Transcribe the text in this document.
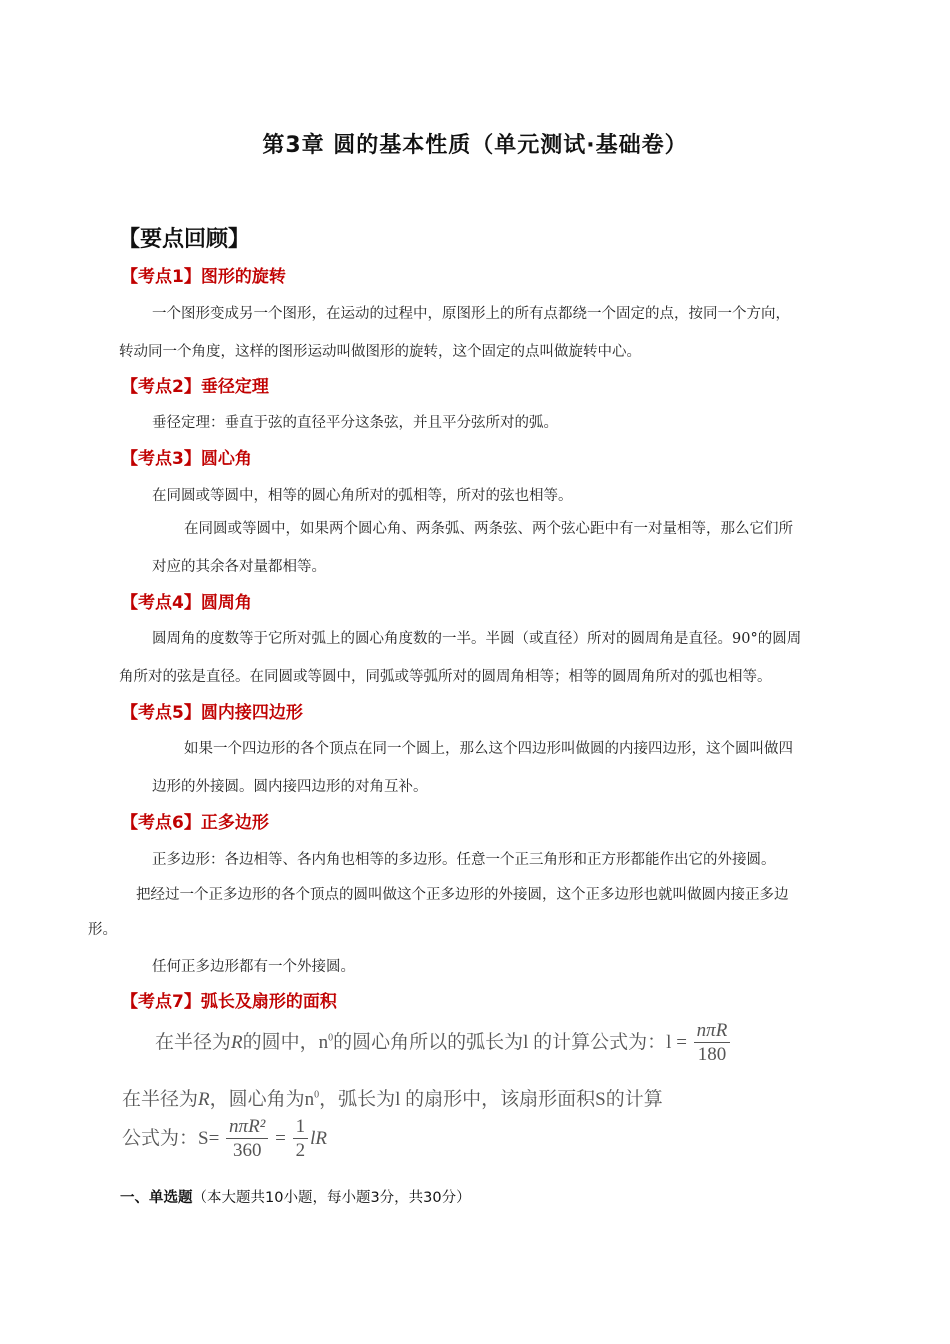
第3章 圆的基本性质（单元测试·基础卷）
【要点回顾】
【考点1】图形的旋转
一个图形变成另一个图形，在运动的过程中，原图形上的所有点都绕一个固定的点，按同一个方向，
转动同一个角度，这样的图形运动叫做图形的旋转，这个固定的点叫做旋转中心。
【考点2】垂径定理
垂径定理：垂直于弦的直径平分这条弦，并且平分弦所对的弧。
【考点3】圆心角
在同圆或等圆中，相等的圆心角所对的弧相等，所对的弦也相等。
在同圆或等圆中，如果两个圆心角、两条弧、两条弦、两个弦心距中有一对量相等，那么它们所
对应的其余各对量都相等。
【考点4】圆周角
圆周角的度数等于它所对弧上的圆心角度数的一半。半圆（或直径）所对的圆周角是直径。90°的圆周
角所对的弦是直径。在同圆或等圆中，同弧或等弧所对的圆周角相等；相等的圆周角所对的弧也相等。
【考点5】圆内接四边形
如果一个四边形的各个顶点在同一个圆上，那么这个四边形叫做圆的内接四边形，这个圆叫做四
边形的外接圆。圆内接四边形的对角互补。
【考点6】正多边形
正多边形：各边相等、各内角也相等的多边形。任意一个正三角形和正方形都能作出它的外接圆。
把经过一个正多边形的各个顶点的圆叫做这个正多边形的外接圆，这个正多边形也就叫做圆内接正多边
形。
任何正多边形都有一个外接圆。
【考点7】弧长及扇形的面积
在半径为R的圆中，$n^0$的圆心角所以的弧长为l 的计算公式为：$l = \frac{\text{nπR}}{180}$
在半径为R，圆心角为$n^0$，弧长为l 的扇形中，该扇形面积S的计算
公式为：$S= \frac{\text{nπR²}}{360} = \frac{1}{2}$ lR
一、单选题（本大题共10小题，每小题3分，共30分）
